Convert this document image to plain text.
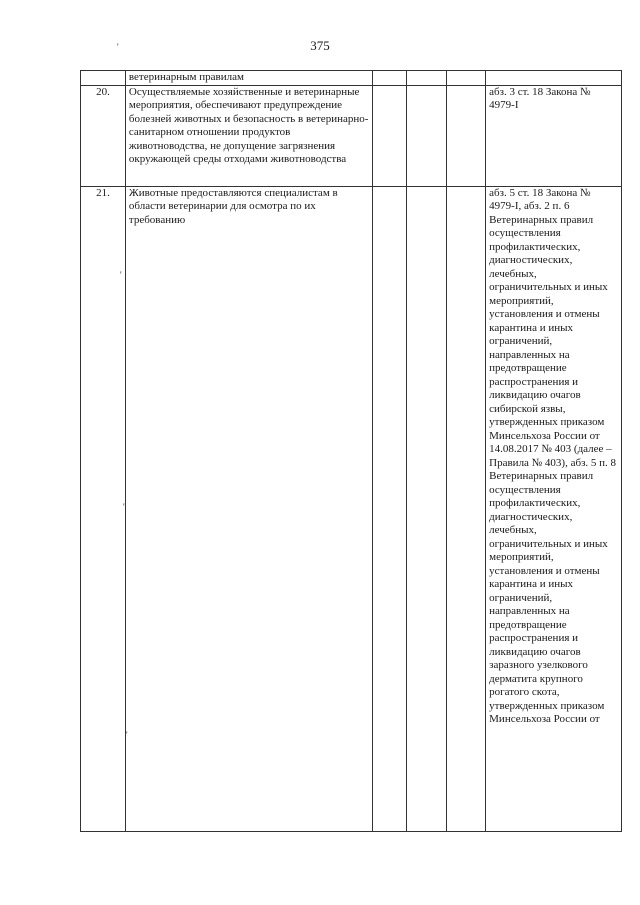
375
'
'
'
'
	ветеринарным правилам				
20.	Осуществляемые хозяйственные и ветеринарные мероприятия, обеспечивают предупреждение болезней животных и безопасность в ветеринарно-санитарном отношении продуктов животноводства, не допущение загрязнения окружающей среды отходами животноводства				абз. 3 ст. 18 Закона № 4979-I
21.	Животные предоставляются специалистам в области ветеринарии для осмотра по их требованию				абз. 5 ст. 18 Закона № 4979-I, абз. 2 п. 6 Ветеринарных правил осуществления профилактических, диагностических, лечебных, ограничительных и иных мероприятий, установления и отмены карантина и иных ограничений, направленных на предотвращение распространения и ликвидацию очагов сибирской язвы, утвержденных приказом Минсельхоза России от 14.08.2017 № 403 (далее – Правила № 403), абз. 5 п. 8 Ветеринарных правил осуществления профилактических, диагностических, лечебных, ограничительных и иных мероприятий, установления и отмены карантина и иных ограничений, направленных на предотвращение распространения и ликвидацию очагов заразного узелкового дерматита крупного рогатого скота, утвержденных приказом Минсельхоза России от
